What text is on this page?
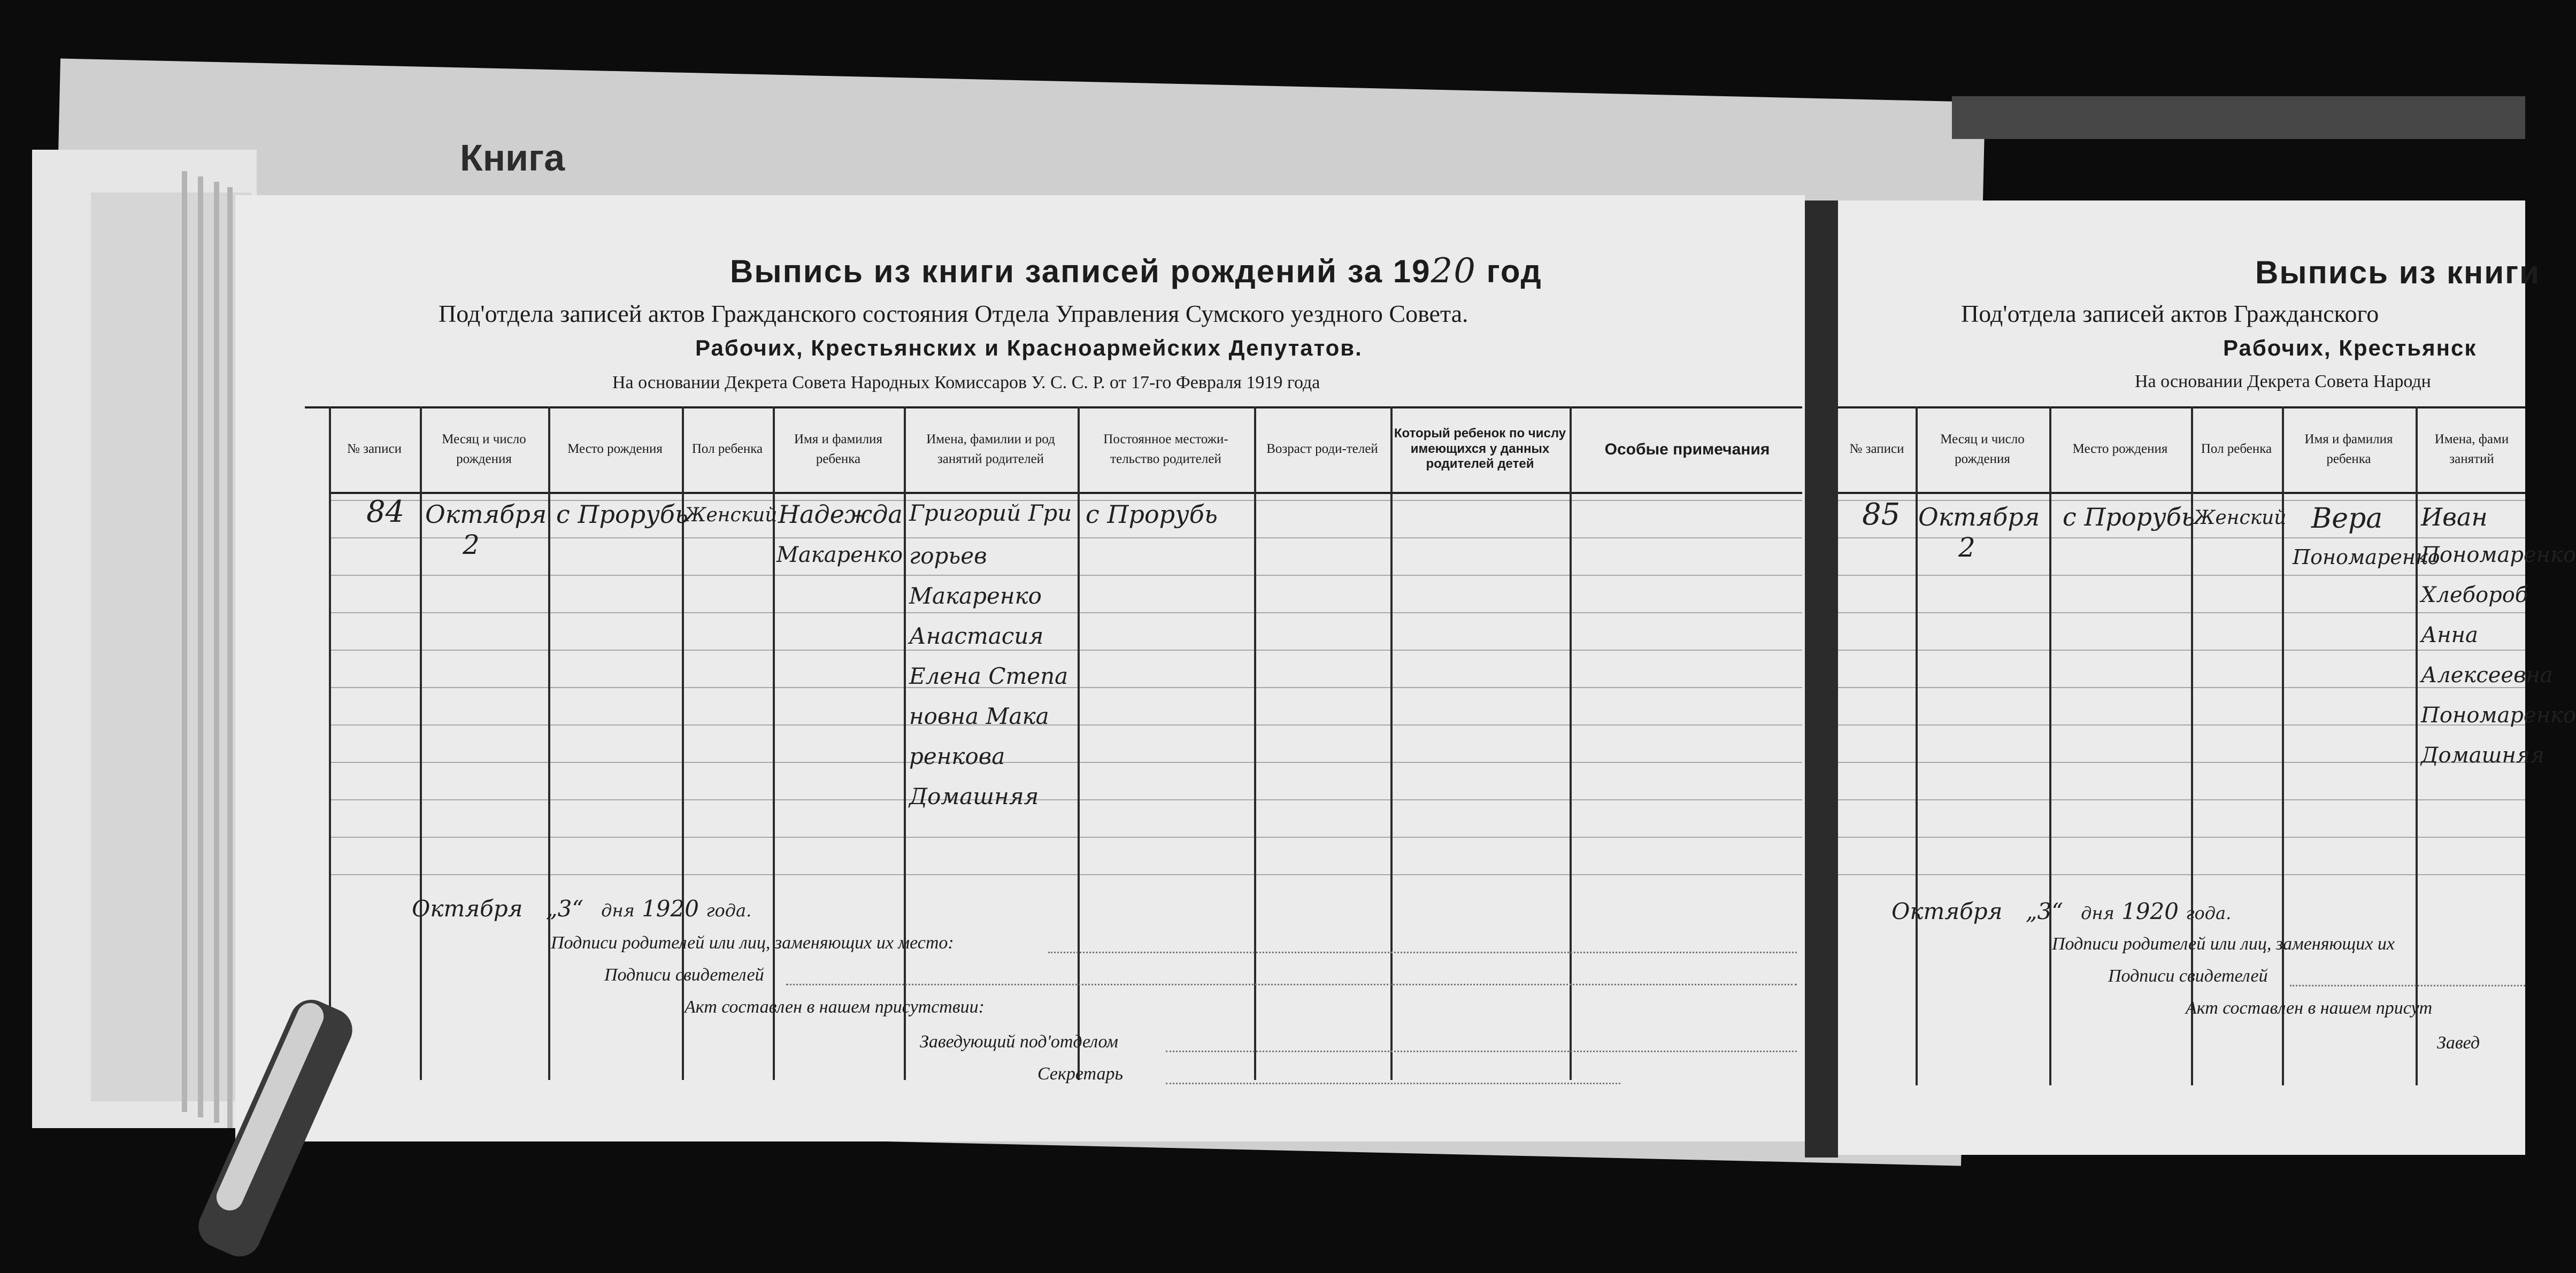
Книга
Выпись из книги записей рождений за 1920 год
Под'отдела записей актов Гражданского состояния Отдела Управления Сумского уездного Совета.
Рабочих, Крестьянских и Красноармейских Депутатов.
На основании Декрета Совета Народных Комиссаров У. С. С. Р. от 17-го Февраля 1919 года
№ записи
Месяц и число рождения
Место рождения	Пол ребенка
Имя и фамилия ребенка
Имена, фамилии и род занятий родителей
Постоянное местожи-тельство родителей
Возраст роди-телей
Который ребенок по числу имеющихся у данных родителей детей
Особые примечания
84 Октября
2
с Прорубь
Женский Надежда
Макаренко
Григорий Гри
горьев
Макаренко
Анастасия
Елена Степа
новна Мака
ренкова
Домашняя
с Прорубь
Октября „3“ дня 1920 года.
Подписи родителей или лиц, заменяющих их место:
Подписи свидетелей
Акт составлен в нашем присутствии:
Заведующий под'отделом
Секретарь
Выпись из книги
Под'отдела записей актов Гражданского
Рабочих, Крестьянск
На основании Декрета Совета Народн
№ записи
Месяц и число рождения
Место рождения	Пол ребенка
Имя и фамилия ребенка
Имена, фами занятий
85 Октября
2
с Прорубь
Женский Вера
Пономаренко
Иван
Пономаренко
Хлебороб
Анна
Алексеевна
Пономаренко
Домашняя
Октября „3“ дня 1920 года.
Подписи родителей или лиц, заменяющих их
Подписи свидетелей
Акт составлен в нашем присут
Завед
